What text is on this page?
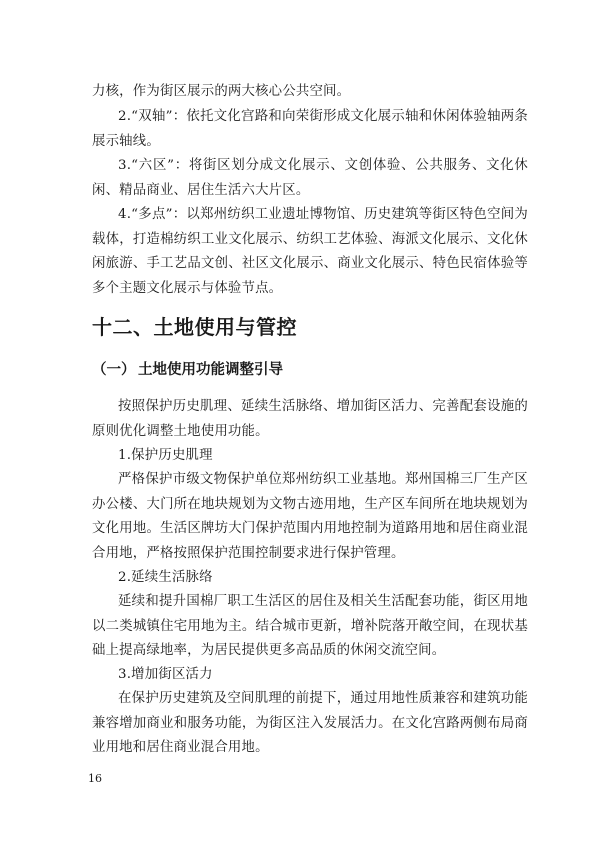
力核，作为街区展示的两大核心公共空间。

2.“双轴”：依托文化宫路和向荣街形成文化展示轴和休闲体验轴两条展示轴线。

3.“六区”：将街区划分成文化展示、文创体验、公共服务、文化休闲、精品商业、居住生活六大片区。

4.“多点”：以郑州纺织工业遗址博物馆、历史建筑等街区特色空间为载体，打造棉纺织工业文化展示、纺织工艺体验、海派文化展示、文化休闲旅游、手工艺品文创、社区文化展示、商业文化展示、特色民宿体验等多个主题文化展示与体验节点。

十二、土地使用与管控
（一） 土地使用功能调整引导

按照保护历史肌理、延续生活脉络、增加街区活力、完善配套设施的原则优化调整土地使用功能。

1.保护历史肌理

严格保护市级文物保护单位郑州纺织工业基地。郑州国棉三厂生产区办公楼、大门所在地块规划为文物古迹用地，生产区车间所在地块规划为文化用地。生活区牌坊大门保护范围内用地控制为道路用地和居住商业混合用地，严格按照保护范围控制要求进行保护管理。

2.延续生活脉络

延续和提升国棉厂职工生活区的居住及相关生活配套功能，街区用地以二类城镇住宅用地为主。结合城市更新，增补院落开敞空间，在现状基础上提高绿地率，为居民提供更多高品质的休闲交流空间。

3.增加街区活力

在保护历史建筑及空间肌理的前提下，通过用地性质兼容和建筑功能兼容增加商业和服务功能，为街区注入发展活力。在文化宫路两侧布局商业用地和居住商业混合用地。

16
